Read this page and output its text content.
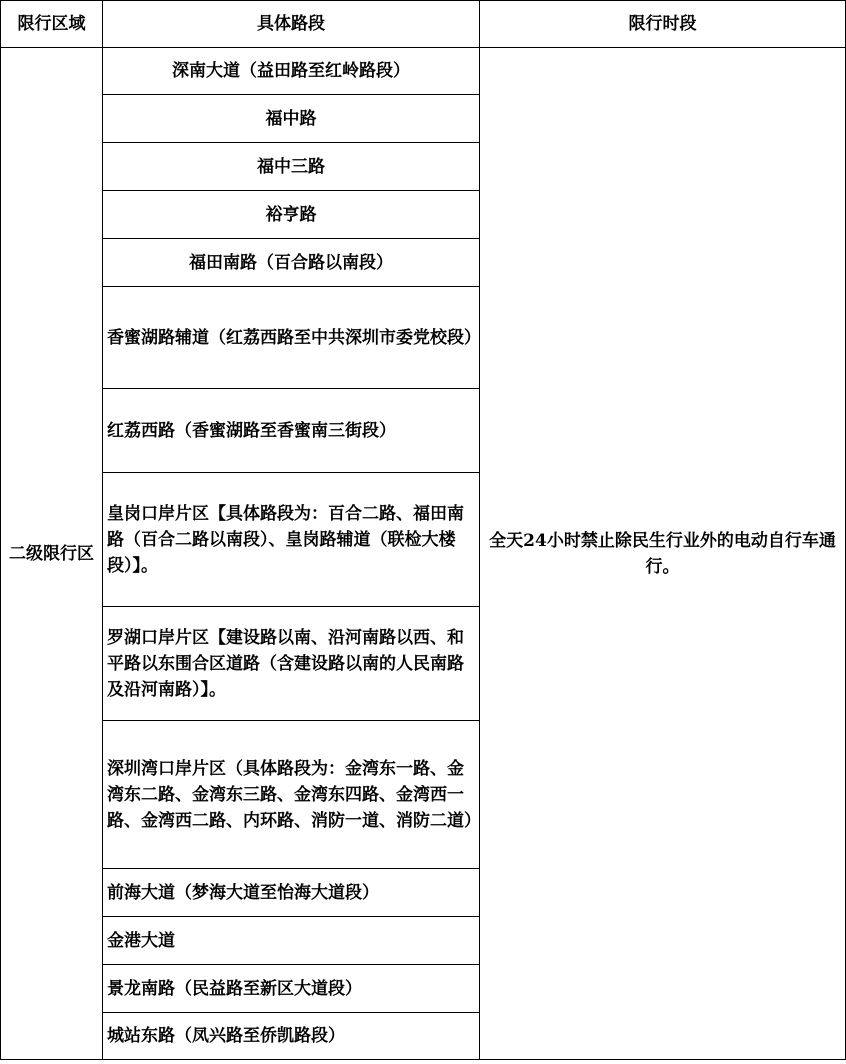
限行区域	具体路段	限行时段
二级限行区	深南大道（益田路至红岭路段）	全天24小时禁止除民生行业外的电动自行车通行。
	福中路	
	福中三路	
	裕亨路	
	福田南路（百合路以南段）	
	香蜜湖路辅道（红荔西路至中共深圳市委党校段）	
	红荔西路（香蜜湖路至香蜜南三街段）	
	皇岗口岸片区【具体路段为：百合二路、福田南路（百合二路以南段）、皇岗路辅道（联检大楼段）】。	
	罗湖口岸片区【建设路以南、沿河南路以西、和平路以东围合区道路（含建设路以南的人民南路及沿河南路）】。	
	深圳湾口岸片区（具体路段为：金湾东一路、金湾东二路、金湾东三路、金湾东四路、金湾西一路、金湾西二路、内环路、消防一道、消防二道）	
	前海大道（梦海大道至怡海大道段）	
	金港大道	
	景龙南路（民益路至新区大道段）	
	城站东路（凤兴路至侨凯路段）	
